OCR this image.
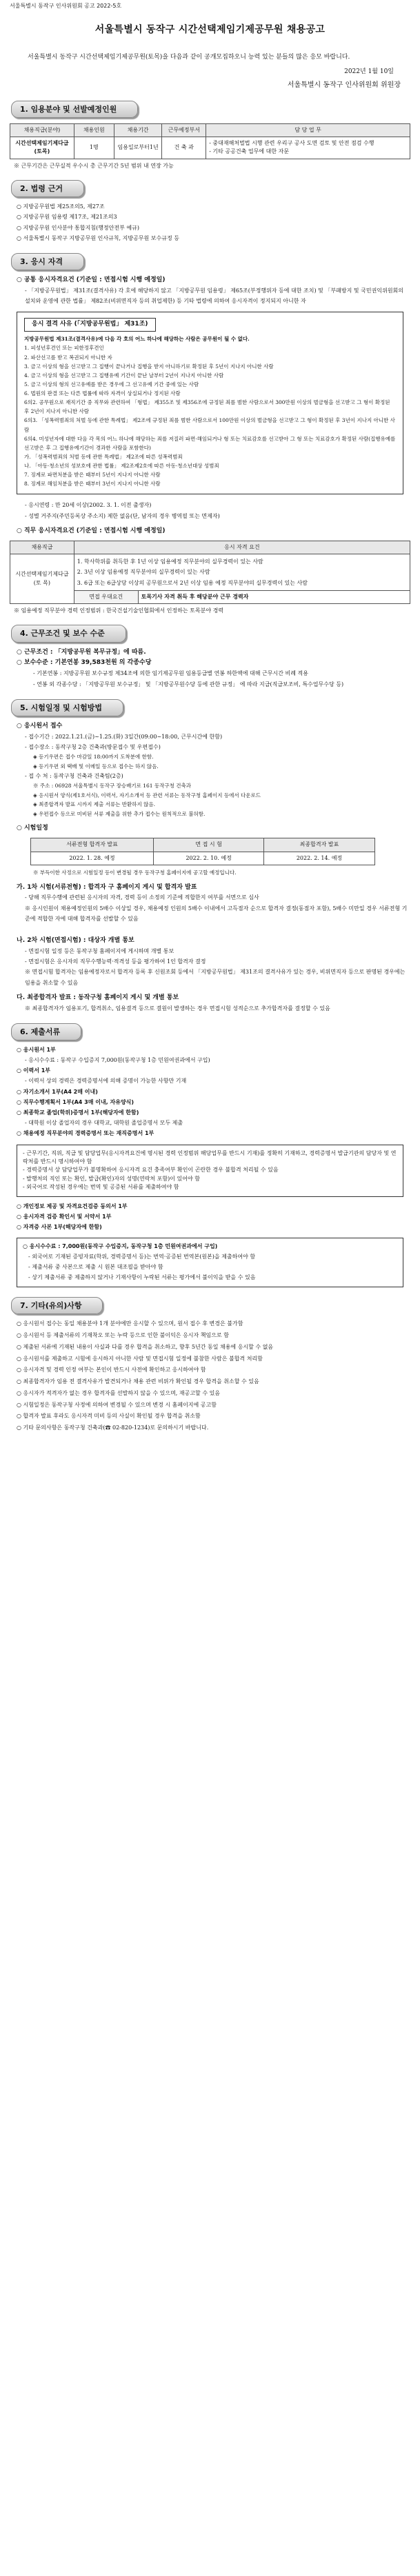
서울특별시 동작구 인사위원회 공고 2022-5호
서울특별시 동작구 시간선택제임기제공무원 채용공고
서울특별시 동작구 시간선택제임기제공무원(토목)을 다음과 같이 공개모집하오니 능력 있는 분들의 많은 응모 바랍니다.
2022년 1월 10일
서울특별시 동작구 인사위원회 위원장
1. 임용분야 및 선발예정인원
채용직급(분야)	채용인원	채용기간	근무예정부서	담 당 업 무
시간선택제임기제다급(토목)	1명	임용일로부터1년	건 축 과	- 중대재해처벌법 시행 관련 우리구 공사 도면 검토 및 안전 점검 수행
- 기타 공공건축 업무에 대한 자문
※ 근무기간은 근무실적 우수시 총 근무기간 5년 범위 내 연장 가능
2. 법령 근거
○ 지방공무원법 제25조의5, 제27조
○ 지방공무원 임용령 제17조, 제21조의3
○ 지방공무원 인사분야 통합지침(행정안전부 예규)
○ 서울특별시 동작구 지방공무원 인사규칙, 지방공무원 보수규정 등
3. 응시 자격
○ 공통 응시자격요건 (기준일 : 면접시험 시행 예정일)
- 「지방공무원법」 제31조(결격사유) 각 호에 해당하지 않고 「지방공무원 임용령」 제65조(부정행위자 등에 대한 조치) 및 「부패방지 및 국민권익위원회의 설치와 운영에 관한 법률」 제82조(비위면직자 등의 취업제한) 등 기타 법령에 의하여 응시자격이 정지되지 아니한 자
응시 결격 사유 (「지방공무원법」 제31조)
지방공무원법 제31조(결격사유)에 다음 각 호의 어느 하나에 해당하는 사람은 공무원이 될 수 없다.
1. 피성년후견인 또는 피한정후견인
2. 파산선고를 받고 복권되지 아니한 자
3. 금고 이상의 형을 선고받고 그 집행이 끝나거나 집행을 받지 아니하기로 확정된 후 5년이 지나지 아니한 사람
4. 금고 이상의 형을 선고받고 그 집행유예 기간이 끝난 날부터 2년이 지나지 아니한 사람
5. 금고 이상의 형의 선고유예를 받은 경우에 그 선고유예 기간 중에 있는 사람
6. 법원의 판결 또는 다른 법률에 따라 자격이 상실되거나 정지된 사람
6의2. 공무원으로 재직기간 중 직무와 관련하여 「형법」 제355조 및 제356조에 규정된 죄를 범한 사람으로서 300만원 이상의 벌금형을 선고받고 그 형이 확정된 후 2년이 지나지 아니한 사람
6의3. 「성폭력범죄의 처벌 등에 관한 특례법」 제2조에 규정된 죄를 범한 사람으로서 100만원 이상의 벌금형을 선고받고 그 형이 확정된 후 3년이 지나지 아니한 사람
6의4. 미성년자에 대한 다음 각 목의 어느 하나에 해당하는 죄를 저질러 파면·해임되거나 형 또는 치료감호를 선고받아 그 형 또는 치료감호가 확정된 사람(집행유예를 선고받은 후 그 집행유예기간이 경과한 사람을 포함한다)
가. 「성폭력범죄의 처벌 등에 관한 특례법」 제2조에 따른 성폭력범죄
나. 「아동·청소년의 성보호에 관한 법률」 제2조제2호에 따른 아동·청소년대상 성범죄
7. 징계로 파면처분을 받은 때부터 5년이 지나지 아니한 사람
8. 징계로 해임처분을 받은 때부터 3년이 지나지 아니한 사람
- 응시연령 : 만 20세 이상(2002. 3. 1. 이전 출생자)
- 성별 거주지(주민등록상 주소지) 제한 없음(단, 남자의 경우 병역필 또는 면제자)
○ 직무 응시자격요건 (기준일 : 면접시험 시행 예정일)
채용직급	응시 자격 요건	
시간선택제임기제다급(토 목)	1. 학사학위를 취득한 후 1년 이상 임용예정 직무분야의 실무경력이 있는 사람
2. 3년 이상 임용예정 직무분야의 실무경력이 있는 사람
3. 6급 또는 6급상당 이상의 공무원으로서 2년 이상 임용 예정 직무분야의 실무경력이 있는 사람	

	면접 우대요건	토목기사 자격 취득 후 해당분야 근무 경력자
※ 임용예정 직무분야 경력 인정범위 : 한국건설기술인협회에서 인정하는 토목분야 경력
4. 근무조건 및 보수 수준
○ 근무조건 : 「지방공무원 복무규정」에 따름.
○ 보수수준 : 기본연봉 39,583천원 의 각종수당
- 기본연봉 : 지방공무원 보수규정 제34조에 의한 임기제공무원 임용등급별 연봉 하한액에 대해 근무시간 비례 적용
- 연봉 외 각종수당 : 「지방공무원 보수규정」 및 「지방공무원수당 등에 관한 규정」 에 따라 지급(직급보조비, 특수업무수당 등)
5. 시험일정 및 시험방법
○ 응시원서 접수
- 접수기간 : 2022.1.21.(금)~1.25.(화) 3일간(09:00~18:00, 근무시간에 한함)
- 접수장소 : 동작구청 2층 건축과(방문접수 및 우편접수)
◈ 등기우편은 접수 마감일 18:00까지 도착분에 한함.
◈ 등기우편 외 택배 및 이메일 등으로 접수는 하지 않음.
- 접 수 처 : 동작구청 건축과 건축팀(2층)
※ 주소 : 06928 서울특별시 동작구 장승배기로 161 동작구청 건축과
◈ 응시원서 양식(제1호서식), 이력서, 자기소개서 등 관련 서류는 동작구청 홈페이지 등에서 다운로드
◈ 최종합격자 발표 시까지 제출 서류는 반환하지 않음.
◈ 우편접수 등으로 미비된 서류 제출을 위한 추가 접수는 원칙적으로 불허함.
○ 시험일정
서류전형 합격자 발표	면 접 시 험	최종합격자 발표
2022. 1. 28. 예정	2022. 2. 10. 예정	2022. 2. 14. 예정
※ 부득이한 사정으로 시험일정 등이 변경될 경우 동작구청 홈페이지에 공고할 예정입니다.
가. 1차 시험(서류전형) : 합격자 구 홈페이지 게시 및 합격자 발표
- 당해 직무수행에 관련된 응시자의 자격, 경력 등이 소정의 기준에 적합한지 여부를 서면으로 심사
※ 응시인원이 채용예정인원의 5배수 이상일 경우, 채용예정 인원의 5배수 이내에서 고득점자 순으로 합격자 결정(동점자 포함), 5배수 미만일 경우 서류전형 기준에 적합한 자에 대해 합격자를 선발할 수 있음
나. 2차 시험(면접시험) : 대상자 개별 통보
- 면접시험 일정 등은 동작구청 홈페이지에 게시하며 개별 통보
- 면접시험은 응시자의 직무수행능력·적격성 등을 평가하여 1인 합격자 결정
※ 면접시험 합격자는 임용예정자로서 합격자 등록 후 신원조회 등에서 「지방공무원법」 제31조의 결격사유가 있는 경우, 비위면직자 등으로 판명된 경우에는 임용을 취소할 수 있음
다. 최종합격자 발표 : 동작구청 홈페이지 게시 및 개별 통보
※ 최종합격자가 임용포기, 합격취소, 임용결격 등으로 결원이 발생하는 경우 면접시험 성적순으로 추가합격자를 결정할 수 있음
6. 제출서류
○ 응시원서 1부
- 응시수수료 : 동작구 수입증지 7,000원(동작구청 1층 민원여권과에서 구입)
○ 이력서 1부
- 이력서 상의 경력은 경력증명서에 의해 증명이 가능한 사항만 기재
○ 자기소개서 1부(A4 2매 이내)
○ 직무수행계획서 1부(A4 3매 이내, 자유양식)
○ 최종학교 졸업(학위)증명서 1부(해당자에 한함)
- 대학원 이상 졸업자의 경우 대학교, 대학원 졸업증명서 모두 제출
○ 채용예정 직무분야의 경력증명서 또는 재직증명서 1부
- 근무기간, 직위, 직급 및 담당업무(응시자격요건에 명시된 경력 인정범위 해당업무를 반드시 기재)를 정확히 기재하고, 경력증명서 발급기관의 담당자 및 연락처를 반드시 명시하여야 함
- 경력증명서 상 담당업무가 불명확하여 응시자격 요건 충족여부 확인이 곤란한 경우 불합격 처리될 수 있음
- 발행처의 직인 또는 확인, 발급(확인)자의 성명(연락처 포함)이 있어야 함
- 외국어로 작성된 경우에는 번역 및 공증된 서류를 제출하여야 함
○ 개인정보 제공 및 자격요건검증 동의서 1부
○ 응시자격 검증 확인서 및 서약서 1부
○ 자격증 사본 1부(해당자에 한함)
○ 응시수수료 : 7,000원(동작구 수입증지, 동작구청 1층 민원여권과에서 구입)
- 외국어로 기재된 증빙자료(학위, 경력증명서 등)는 번역·공증된 번역본(원본)을 제출하여야 함
- 제출서류 중 사본으로 제출 시 원본 대조필을 받아야 함
- 상기 제출서류 중 제출하지 않거나 기재사항이 누락된 서류는 평가에서 불이익을 받을 수 있음
7. 기타(유의)사항
○ 응시원서 접수는 동일 채용분야 1개 분야에만 응시할 수 있으며, 원서 접수 후 변경은 불가함
○ 응시원서 등 제출서류의 기재착오 또는 누락 등으로 인한 불이익은 응시자 책임으로 함
○ 제출된 서류에 기재된 내용이 사실과 다를 경우 합격을 취소하고, 향후 5년간 동일 채용에 응시할 수 없음
○ 응시원서를 제출하고 시험에 응시하지 아니한 사람 및 면접시험 일정에 불참한 사람은 불합격 처리함
○ 응시자격 및 경력 인정 여부는 본인이 반드시 사전에 확인하고 응시하여야 함
○ 최종합격자가 임용 전 결격사유가 발견되거나 채용 관련 비위가 확인될 경우 합격을 취소할 수 있음
○ 응시자가 적격자가 없는 경우 합격자를 선발하지 않을 수 있으며, 재공고할 수 있음
○ 시험일정은 동작구청 사정에 의하여 변경될 수 있으며 변경 시 홈페이지에 공고함
○ 합격자 발표 후라도 응시자격 미비 등의 사실이 확인될 경우 합격을 취소함
○ 기타 문의사항은 동작구청 건축과(☎ 02-820-1234)로 문의하시기 바랍니다.
